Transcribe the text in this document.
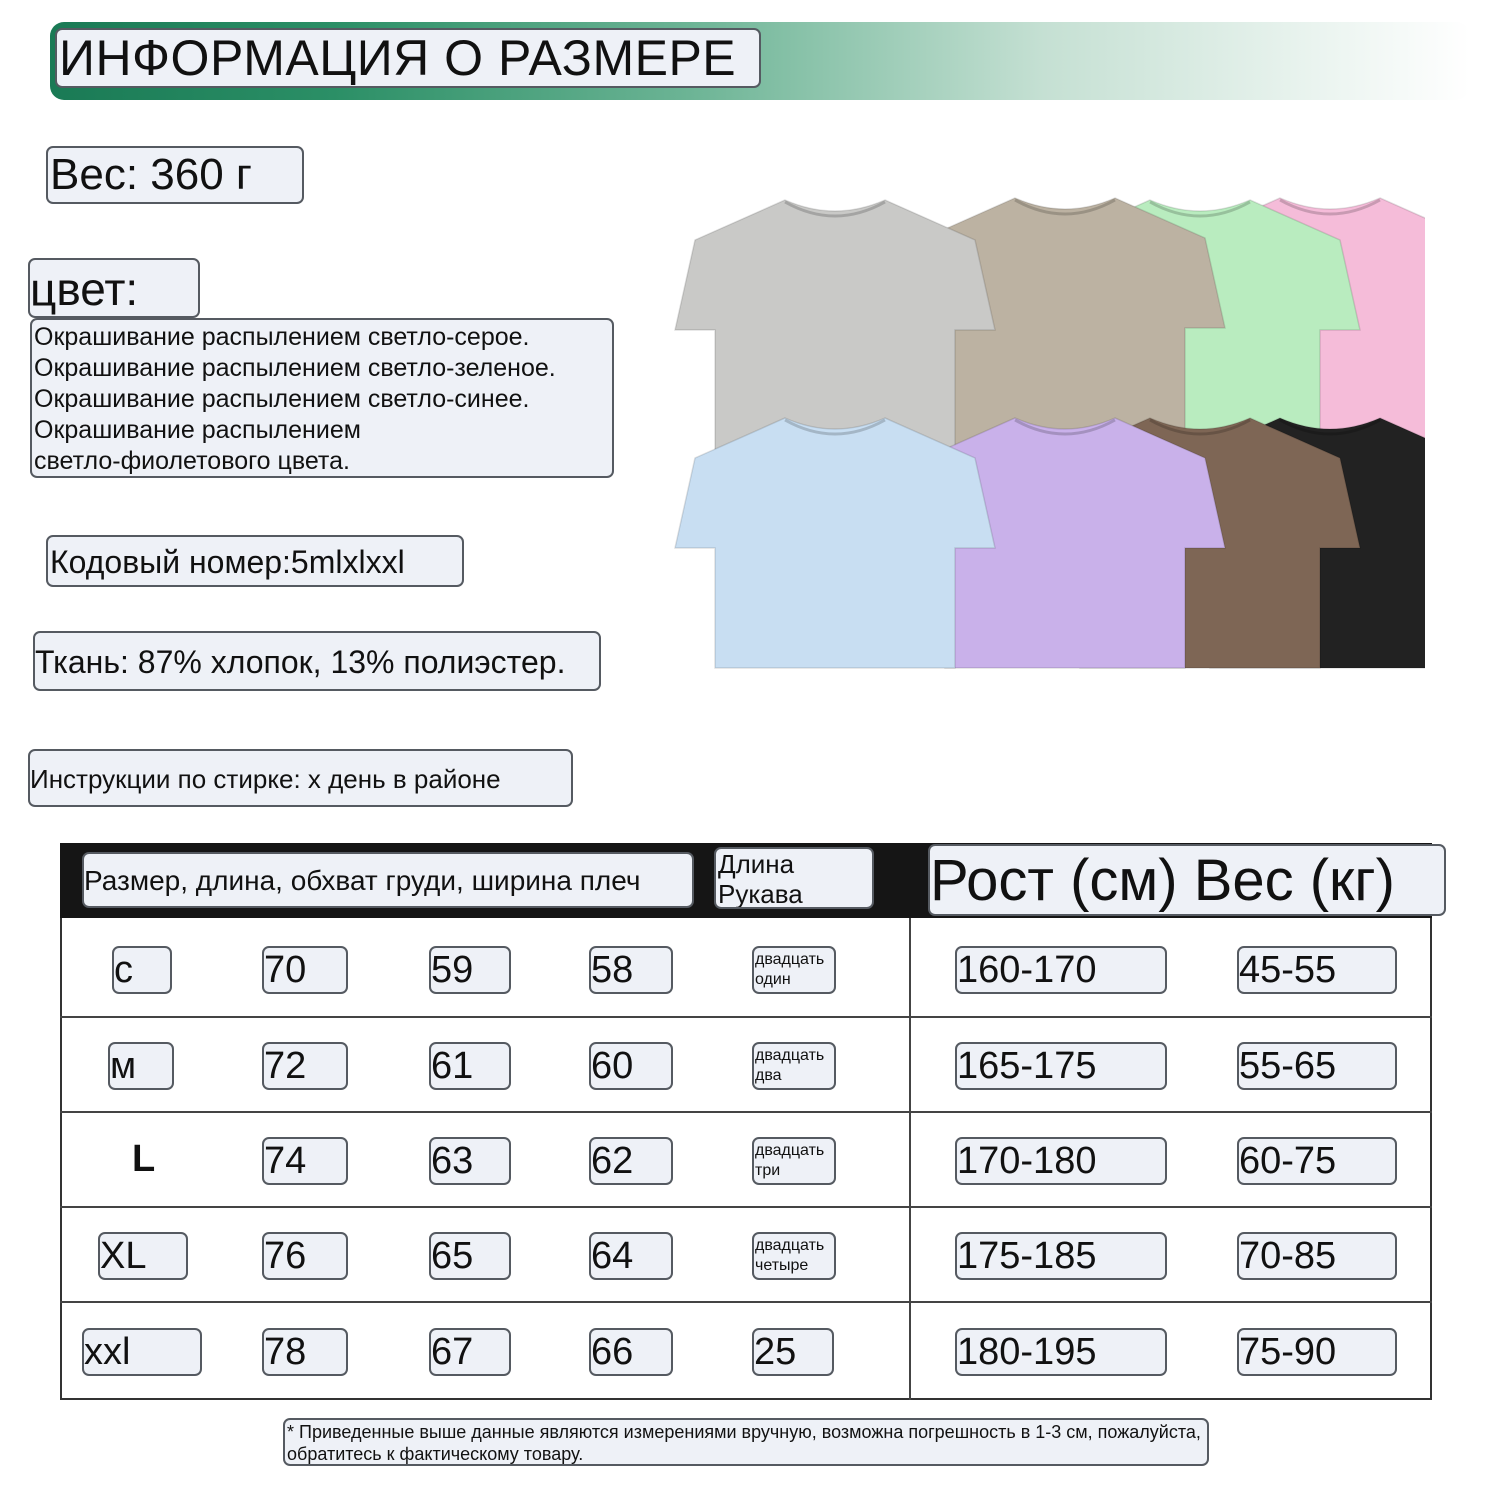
ИНФОРМАЦИЯ О РАЗМЕРЕ
Вес: 360 г
цвет:
Окрашивание распылением светло-серое.
Окрашивание распылением светло-зеленое.
Окрашивание распылением светло-синее.
Окрашивание распылением
светло-фиолетового цвета.
Кодовый номер:5mlxlxxl
Ткань: 87% хлопок, 13% полиэстер.
Инструкции по стирке: x день в районе
Размер, длина, обхват груди, ширина плеч
Длина Рукава	Рост (см) Вес (кг)
с	70	59	58	двадцать один	160-170	45-55
м	72	61	60	двадцать два	165-175	55-65
L	74	63	62	двадцать три	170-180	60-75
XL	76	65	64	двадцать четыре	175-185	70-85
xxl	78	67	66	25	180-195	75-90
* Приведенные выше данные являются измерениями вручную, возможна погрешность в 1-3 см, пожалуйста, обратитесь к фактическому товару.
